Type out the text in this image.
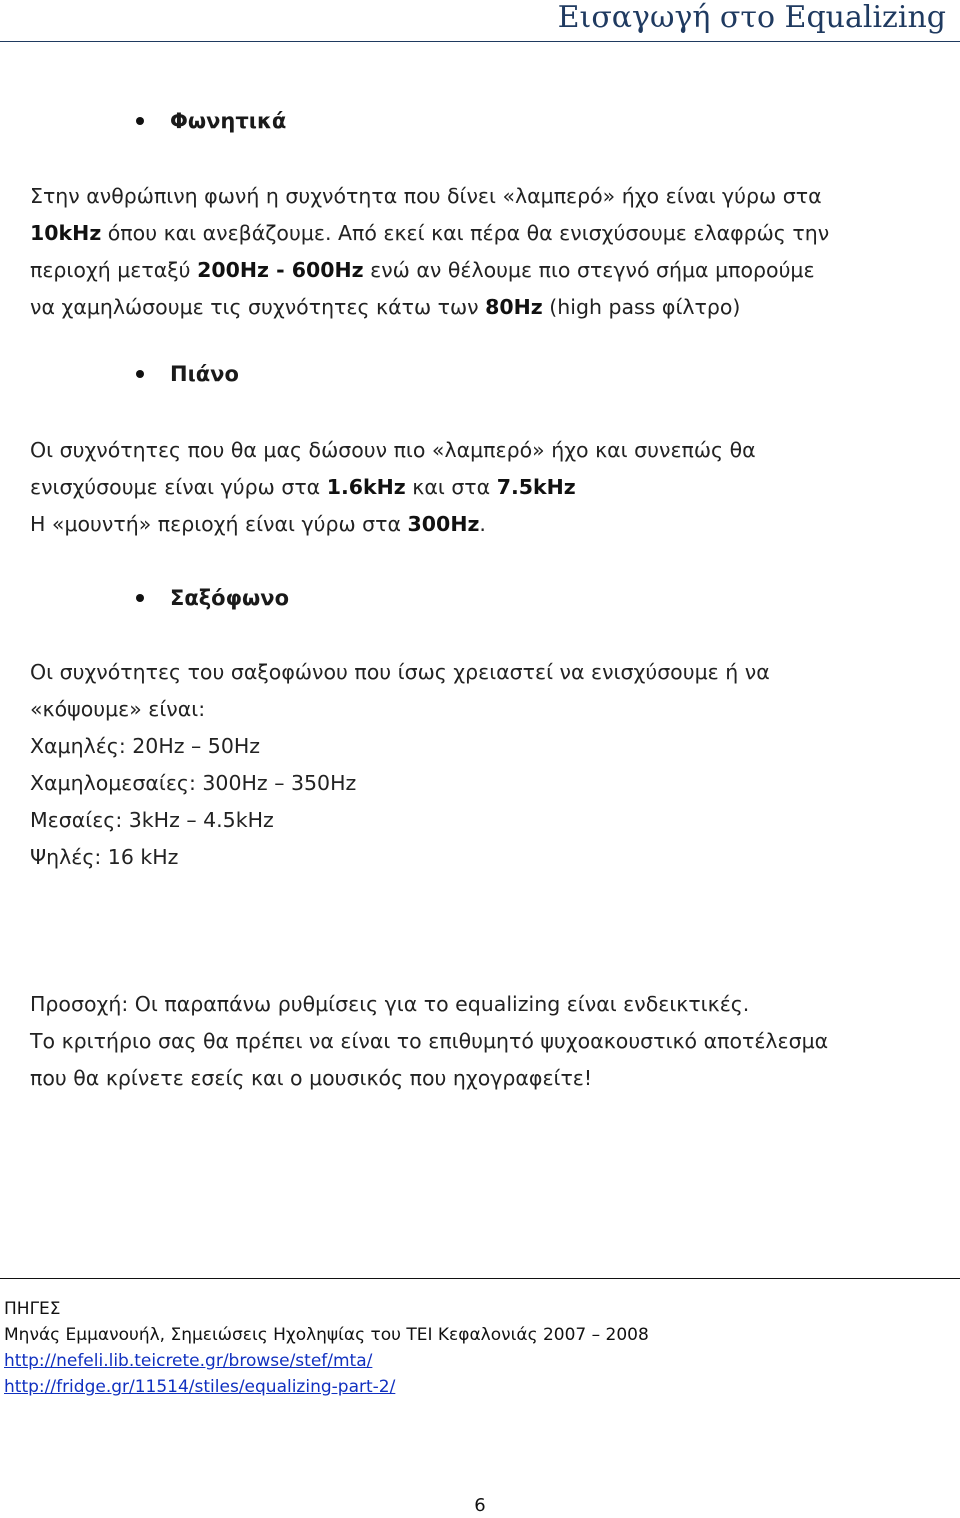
Εισαγωγή στο Equalizing
Φωνητικά
Στην ανθρώπινη φωνή η συχνότητα που δίνει «λαμπερό» ήχο είναι γύρω στα
10kHz όπου και ανεβάζουμε. Από εκεί και πέρα θα ενισχύσουμε ελαφρώς την
περιοχή μεταξύ 200Hz - 600Hz ενώ αν θέλουμε πιο στεγνό σήμα μπορούμε
να χαμηλώσουμε τις συχνότητες κάτω των 80Hz (high pass φίλτρο)
Πιάνο
Οι συχνότητες που θα μας δώσουν πιο «λαμπερό» ήχο και συνεπώς θα
ενισχύσουμε είναι γύρω στα 1.6kHz και στα 7.5kHz
Η «μουντή» περιοχή είναι γύρω στα 300Hz.
Σαξόφωνο
Οι συχνότητες του σαξοφώνου που ίσως χρειαστεί να ενισχύσουμε ή να
«κόψουμε» είναι:
Χαμηλές: 20Hz – 50Hz
Χαμηλομεσαίες: 300Hz – 350Hz
Μεσαίες: 3kHz – 4.5kHz
Ψηλές: 16 kHz
Προσοχή: Οι παραπάνω ρυθμίσεις για το equalizing είναι ενδεικτικές.
Το κριτήριο σας θα πρέπει να είναι το επιθυμητό ψυχοακουστικό αποτέλεσμα
που θα κρίνετε εσείς και ο μουσικός που ηχογραφείτε!
ΠΗΓΕΣ
Μηνάς Εμμανουήλ, Σημειώσεις Ηχοληψίας του ΤΕΙ Κεφαλονιάς 2007 – 2008
http://nefeli.lib.teicrete.gr/browse/stef/mta/
http://fridge.gr/11514/stiles/equalizing-part-2/
6
